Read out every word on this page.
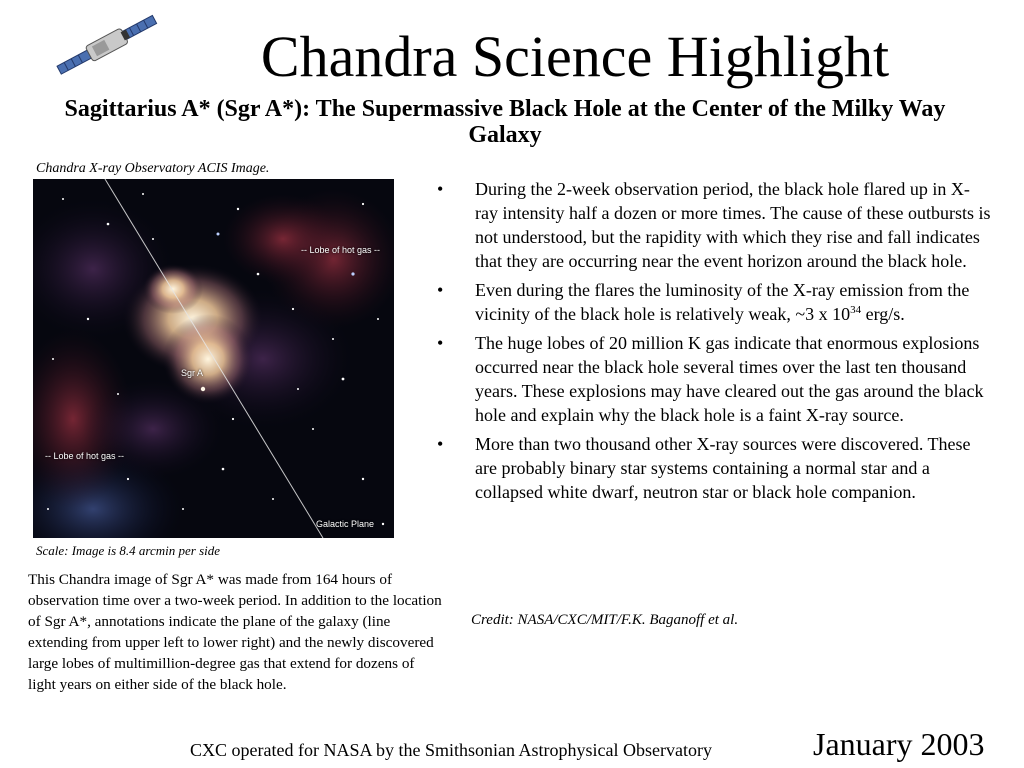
Chandra Science Highlight
Sagittarius A* (Sgr A*): The Supermassive Black Hole at the Center of the Milky Way Galaxy
Chandra X-ray Observatory ACIS Image.
-- Lobe of hot gas --
Sgr A
-- Lobe of hot gas --
Galactic Plane
Scale: Image is 8.4 arcmin per side
This Chandra image of Sgr A* was made from 164 hours of observation time over a two-week period. In addition to the location of Sgr A*, annotations indicate the plane of the galaxy (line extending from upper left to lower right) and the newly discovered large lobes of multimillion-degree gas that extend for dozens of light years on either side of the black hole.
• During the 2-week observation period, the black hole flared up in X-ray intensity half a dozen or more times. The cause of these outbursts is not understood, but the rapidity with which they rise and fall indicates that they are occurring near the event horizon around the black hole.
• Even during the flares the luminosity of the X-ray emission from the vicinity of the black hole is relatively weak, ~3 x $10^{34}$ erg/s.
• The huge lobes of 20 million K gas indicate that enormous explosions occurred near the black hole several times over the last ten thousand years. These explosions may have cleared out the gas around the black hole and explain why the black hole is a faint X-ray source.
• More than two thousand other X-ray sources were discovered. These are probably binary star systems containing a normal star and a collapsed white dwarf, neutron star or black hole companion.
Credit: NASA/CXC/MIT/F.K. Baganoff et al.
CXC operated for NASA by the Smithsonian Astrophysical Observatory	January 2003
